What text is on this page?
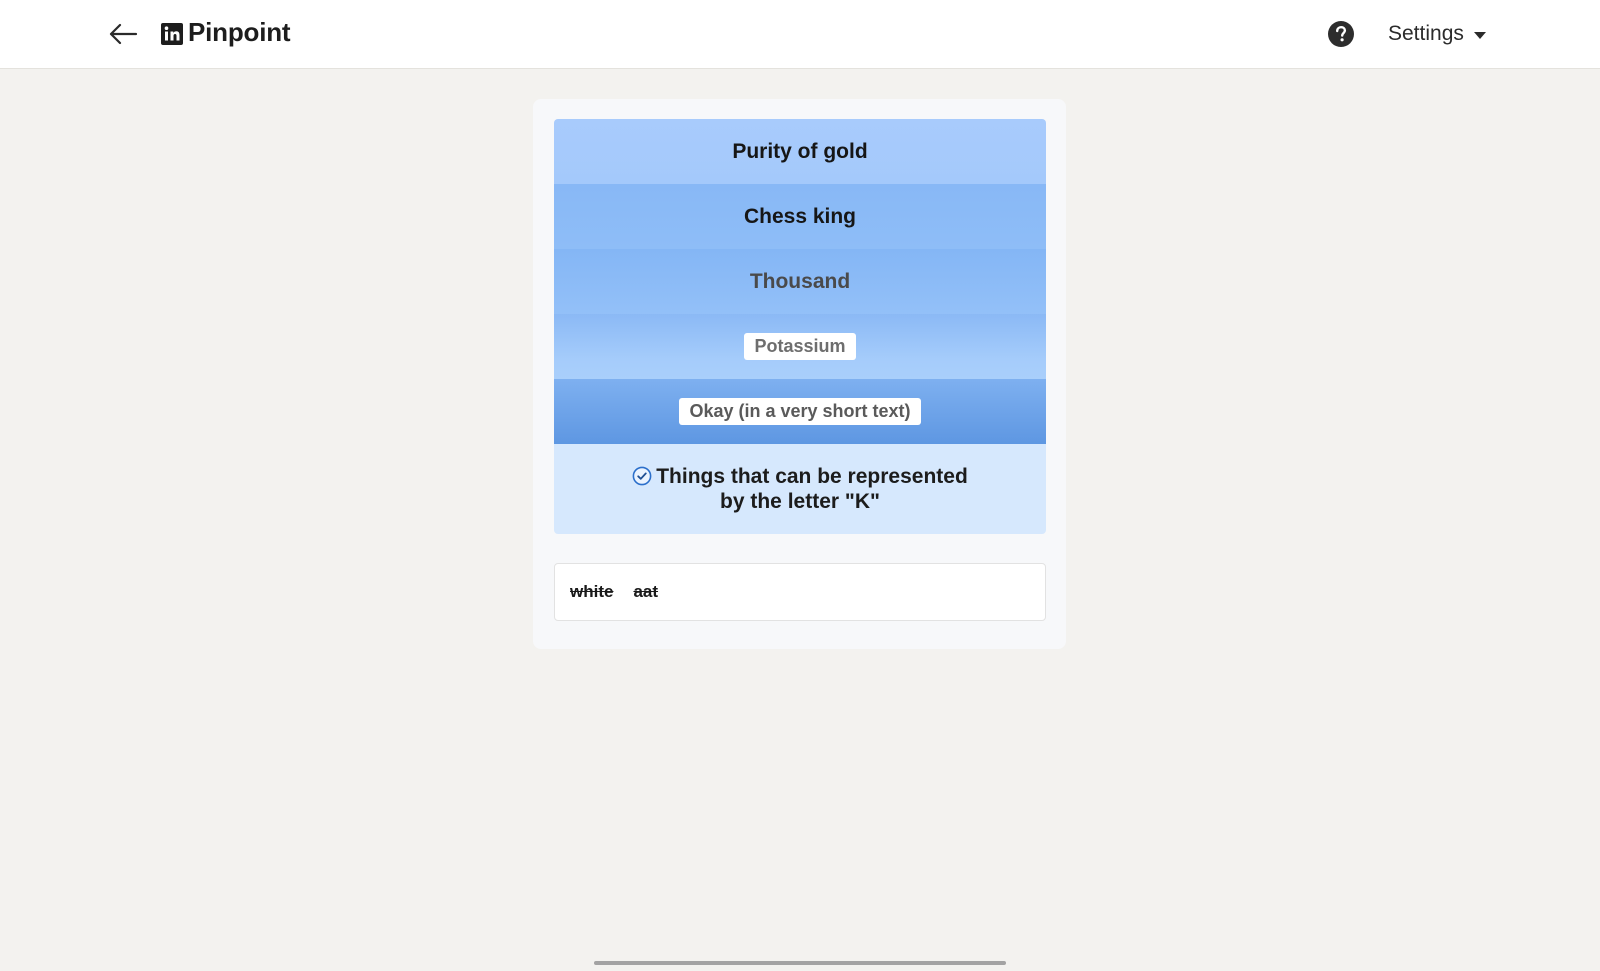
Pinpoint	Settings
Purity of gold
Chess king
Thousand
Potassium
Okay (in a very short text)
Things that can be represented
by the letter "K"
white aat
